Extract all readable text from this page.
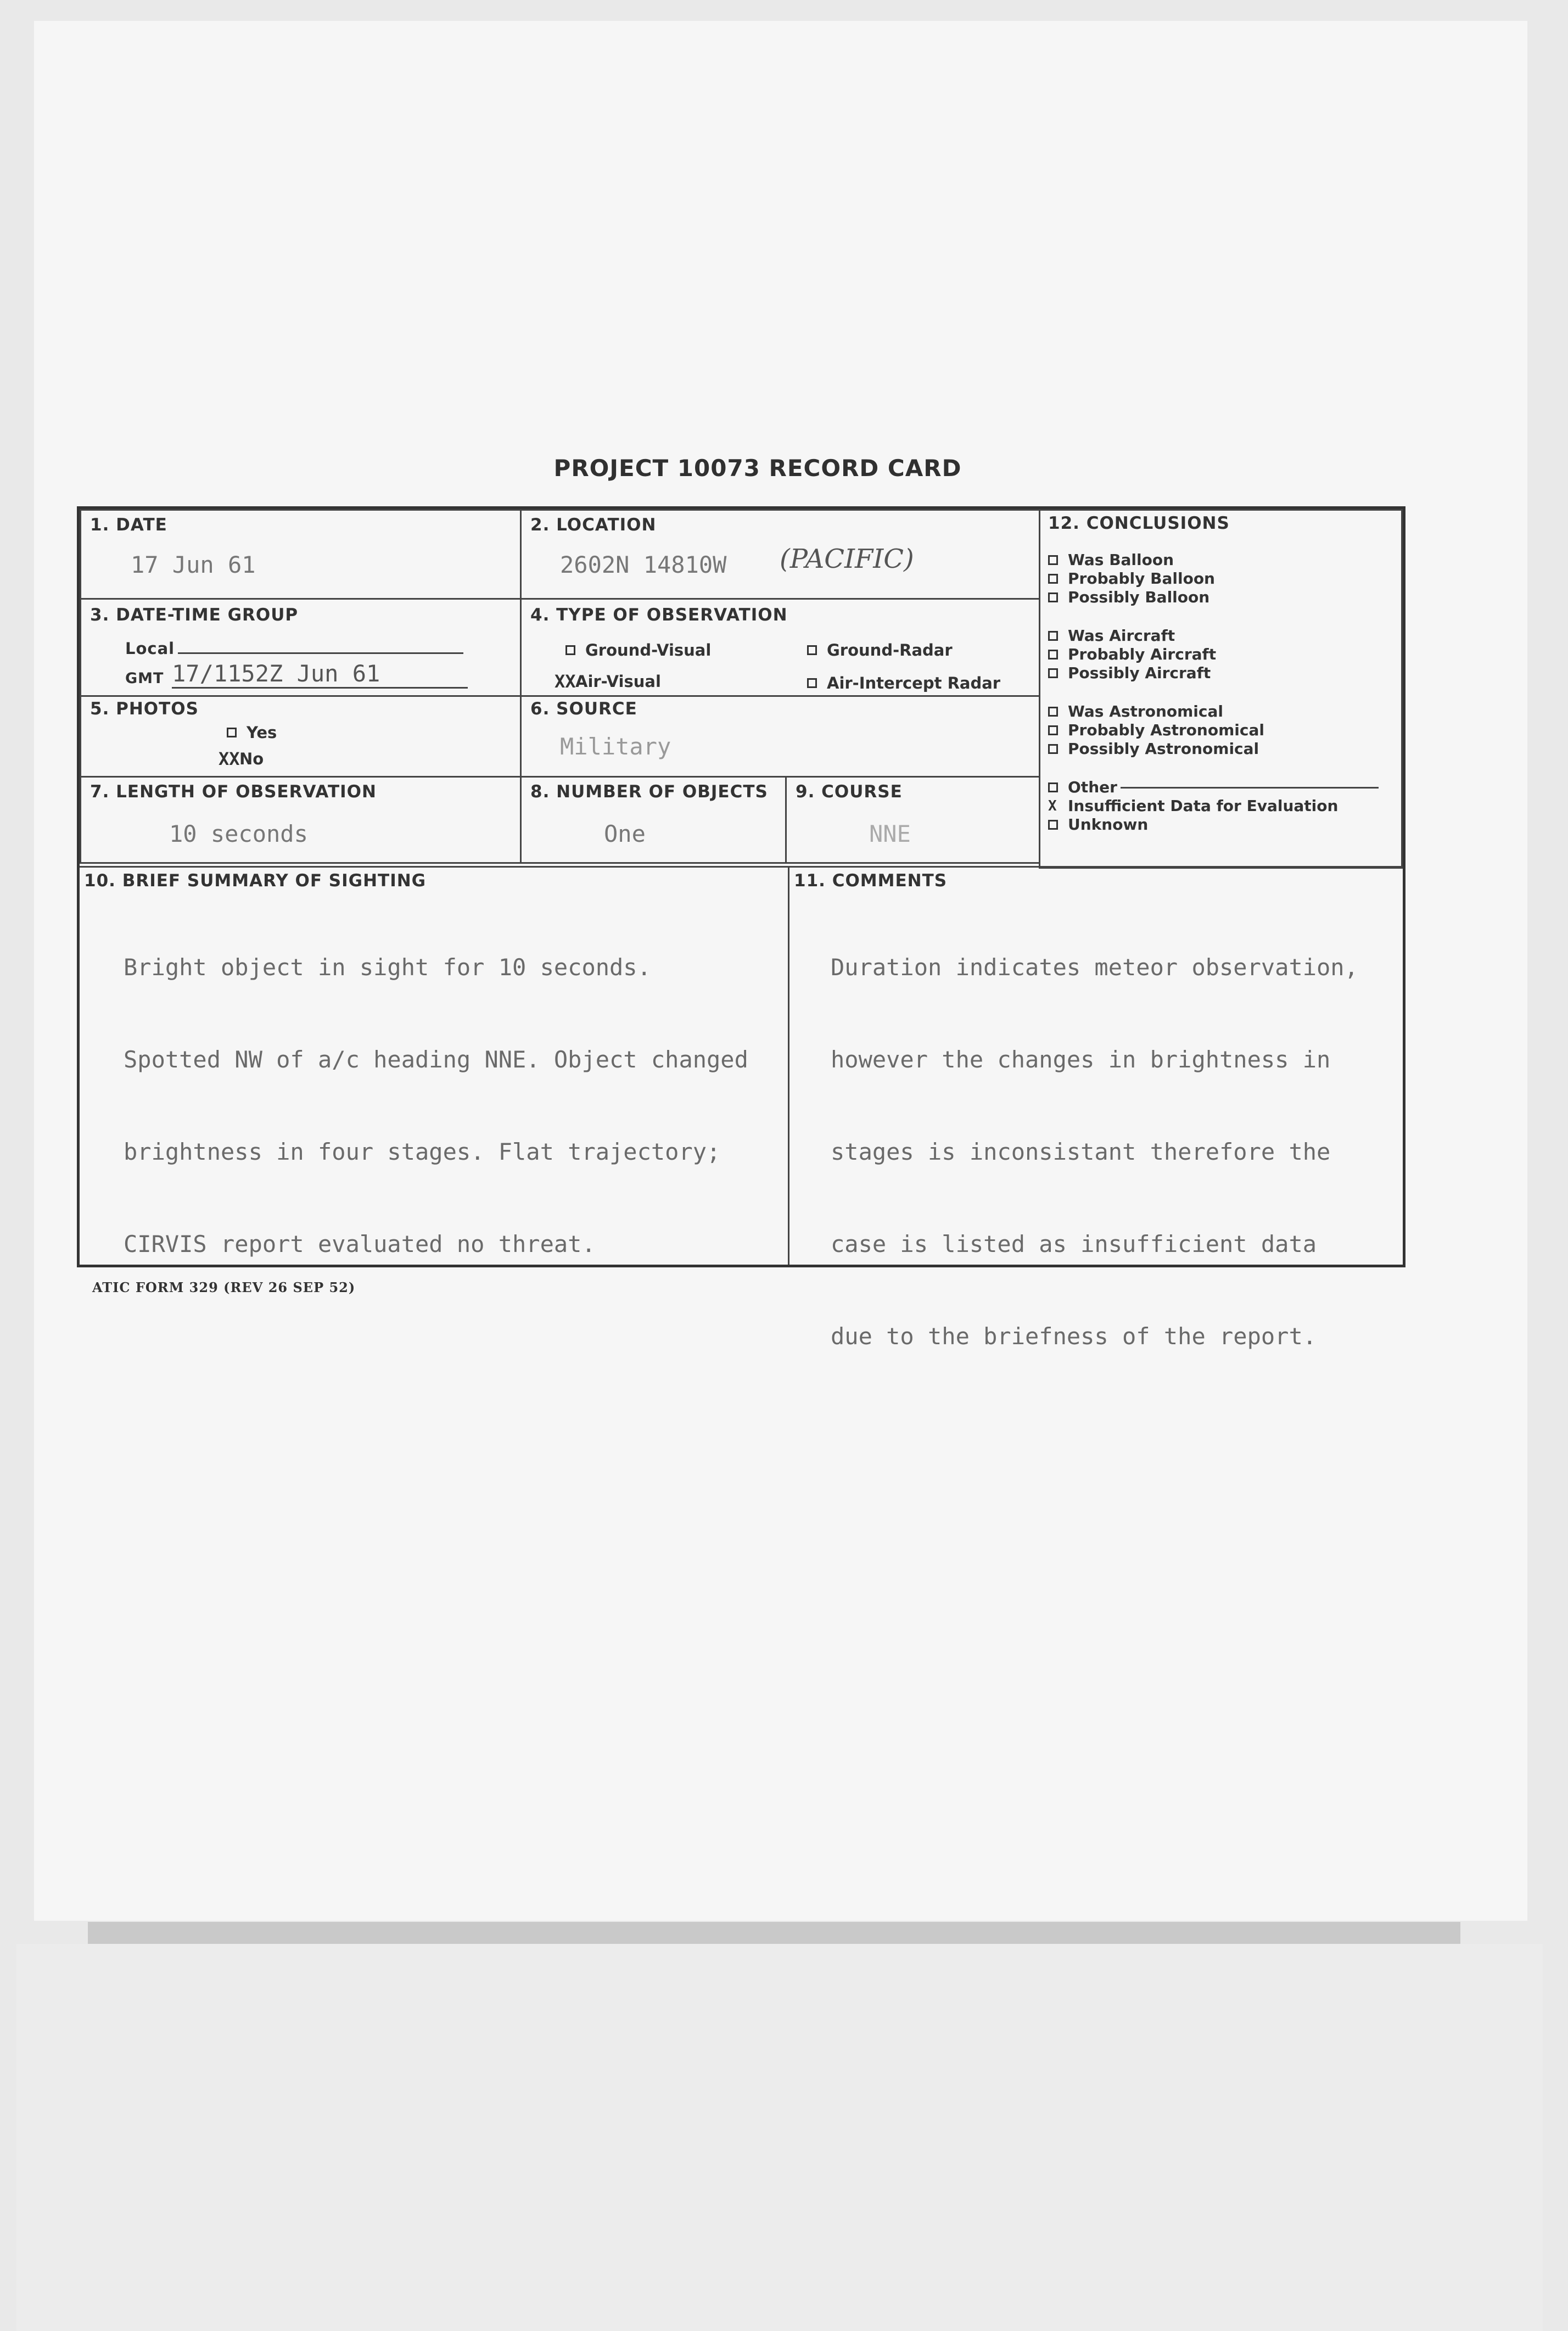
PROJECT 10073 RECORD CARD
1. DATE
17 Jun 61
2. LOCATION
2602N 14810W (PACIFIC)
3. DATE-TIME GROUP
Local
GMT 17/1152Z Jun 61
4. TYPE OF OBSERVATION
Ground-Visual	Ground-Radar
XX Air-Visual	Air-Intercept Radar
5. PHOTOS
Yes
XX No
6. SOURCE
Military
7. LENGTH OF OBSERVATION
10 seconds
8. NUMBER OF OBJECTS
One
9. COURSE
NNE
12. CONCLUSIONS
Was Balloon
Probably Balloon
Possibly Balloon
Was Aircraft
Probably Aircraft
Possibly Aircraft
Was Astronomical
Probably Astronomical
Possibly Astronomical
Other
X Insufficient Data for Evaluation
Unknown
10. BRIEF SUMMARY OF SIGHTING

Bright object in sight for 10 seconds.

Spotted NW of a/c heading NNE. Object changed

brightness in four stages. Flat trajectory;

CIRVIS report evaluated no threat.

11. COMMENTS

Duration indicates meteor observation,

however the changes in brightness in

stages is inconsistant therefore the

case is listed as insufficient data

due to the briefness of the report.

ATIC FORM 329 (REV 26 SEP 52)
